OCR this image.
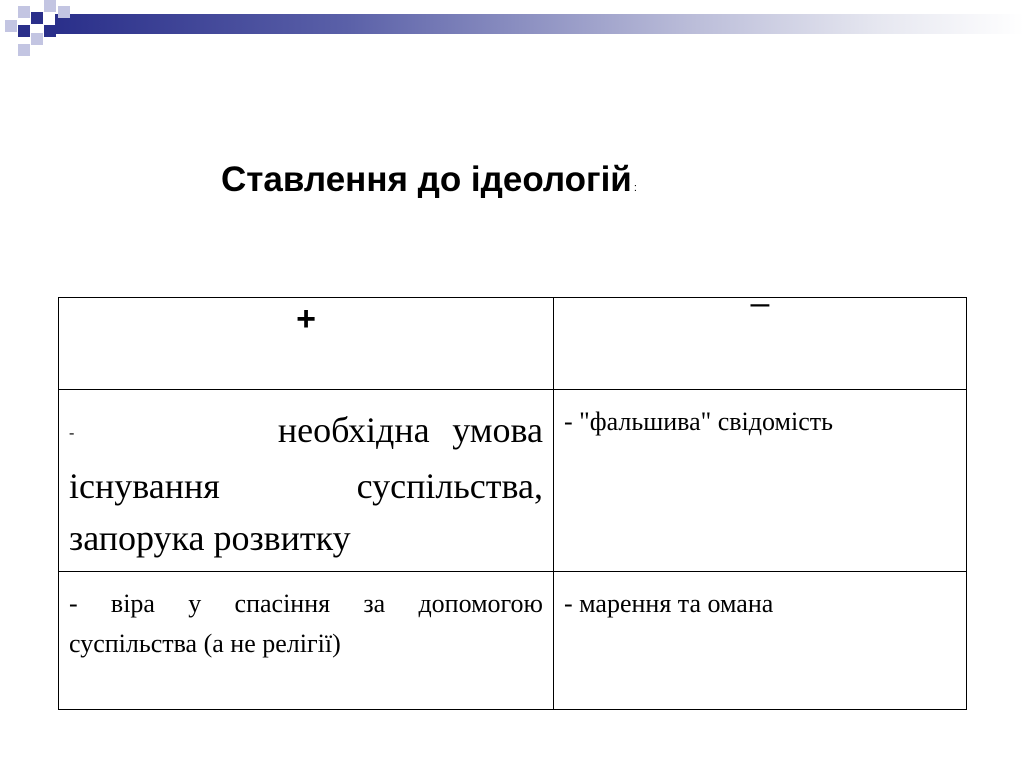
Ставлення до ідеологій :
+	–

- необхідна умова існування суспільства, запорука розвитку	- "фальшива" свідомість

- віра у спасіння за допомогою суспільства (а не релігії)	- марення та омана
